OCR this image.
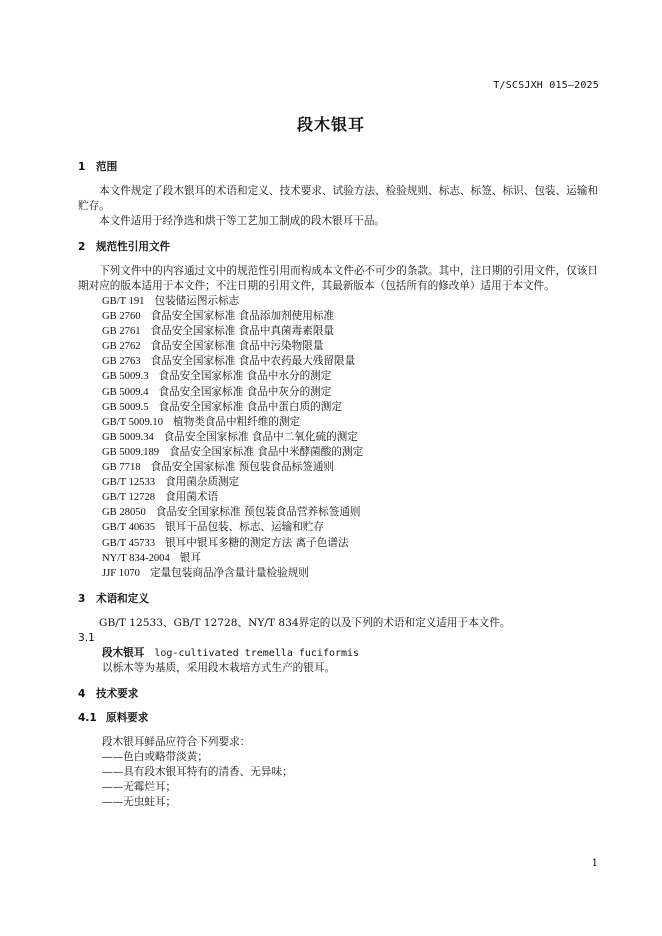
T/SCSJXH 015—2025
段木银耳
1 范围

本文件规定了段木银耳的术语和定义、技术要求、试验方法、检验规则、标志、标签、标识、包装、运输和贮存。

本文件适用于经净选和烘干等工艺加工制成的段木银耳干品。

2 规范性引用文件

下列文件中的内容通过文中的规范性引用而构成本文件必不可少的条款。其中，注日期的引用文件，仅该日期对应的版本适用于本文件；不注日期的引用文件，其最新版本（包括所有的修改单）适用于本文件。

GB/T 191 包装储运图示标志
GB 2760 食品安全国家标准 食品添加剂使用标准
GB 2761 食品安全国家标准 食品中真菌毒素限量
GB 2762 食品安全国家标准 食品中污染物限量
GB 2763 食品安全国家标准 食品中农药最大残留限量
GB 5009.3 食品安全国家标准 食品中水分的测定
GB 5009.4 食品安全国家标准 食品中灰分的测定
GB 5009.5 食品安全国家标准 食品中蛋白质的测定
GB/T 5009.10 植物类食品中粗纤维的测定
GB 5009.34 食品安全国家标准 食品中二氧化硫的测定
GB 5009.189 食品安全国家标准 食品中米酵菌酸的测定
GB 7718 食品安全国家标准 预包装食品标签通则
GB/T 12533 食用菌杂质测定
GB/T 12728 食用菌术语
GB 28050 食品安全国家标准 预包装食品营养标签通则
GB/T 40635 银耳干品包装、标志、运输和贮存
GB/T 45733 银耳中银耳多糖的测定方法 离子色谱法
NY/T 834-2004 银耳
JJF 1070 定量包装商品净含量计量检验规则
3 术语和定义

GB/T 12533、GB/T 12728、NY/T 834界定的以及下列的术语和定义适用于本文件。

3.1

段木银耳 log-cultivated tremella fuciformis

以栎木等为基质，采用段木栽培方式生产的银耳。

4 技术要求
4.1 原料要求

段木银耳鲜品应符合下列要求：

——色白或略带淡黄；
——具有段木银耳特有的清香、无异味；
——无霉烂耳；
——无虫蛀耳；
1
